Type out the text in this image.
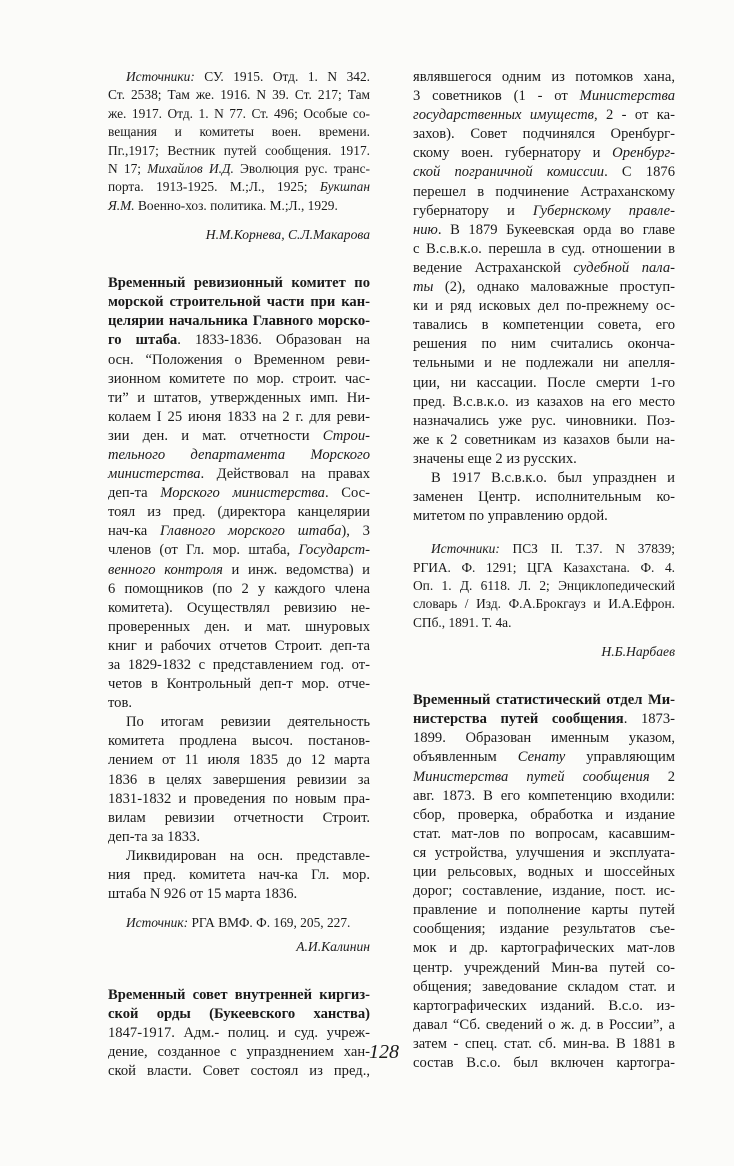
Источники: СУ. 1915. Отд. 1. N 342.
Ст. 2538; Там же. 1916. N 39. Ст. 217; Там
же. 1917. Отд. 1. N 77. Ст. 496; Особые со-
вещания и комитеты воен. времени.
Пг.,1917; Вестник путей сообщения. 1917.
N 17; Михайлов И.Д. Эволюция рус. транс-
порта. 1913-1925. М.;Л., 1925; Букшпан
Я.М. Военно-хоз. политика. М.;Л., 1929.
Н.М.Корнева, С.Л.Макарова
Временный ревизионный комитет по
морской строительной части при кан-
целярии начальника Главного морско-
го штаба. 1833-1836. Образован на
осн. “Положения о Временном реви-
зионном комитете по мор. строит. час-
ти” и штатов, утвержденных имп. Ни-
колаем I 25 июня 1833 на 2 г. для реви-
зии ден. и мат. отчетности Строи-
тельного департамента Морского
министерства. Действовал на правах
деп-та Морского министерства. Сос-
тоял из пред. (директора канцелярии
нач-ка Главного морского штаба), 3
членов (от Гл. мор. штаба, Государст-
венного контроля и инж. ведомства) и
6 помощников (по 2 у каждого члена
комитета). Осуществлял ревизию не-
проверенных ден. и мат. шнуровых
книг и рабочих отчетов Строит. деп-та
за 1829-1832 с представлением год. от-
четов в Контрольный деп-т мор. отче-
тов.
По итогам ревизии деятельность
комитета продлена высоч. постанов-
лением от 11 июля 1835 до 12 марта
1836 в целях завершения ревизии за
1831-1832 и проведения по новым пра-
вилам ревизии отчетности Строит.
деп-та за 1833.
Ликвидирован на осн. представле-
ния пред. комитета нач-ка Гл. мор.
штаба N 926 от 15 марта 1836.
Источник: РГА ВМФ. Ф. 169, 205, 227.
А.И.Калинин
Временный совет внутренней киргиз-
ской орды (Букеевского ханства)
1847-1917. Адм.- полиц. и суд. учреж-
дение, созданное с упразднением хан-
ской власти. Совет состоял из пред.,
являвшегося одним из потомков хана,
3 советников (1 - от Министерства
государственных имуществ, 2 - от ка-
захов). Совет подчинялся Оренбург-
скому воен. губернатору и Оренбург-
ской пограничной комиссии. С 1876
перешел в подчинение Астраханскому
губернатору и Губернскому правле-
нию. В 1879 Букеевская орда во главе
с В.с.в.к.о. перешла в суд. отношении в
ведение Астраханской судебной пала-
ты (2), однако маловажные проступ-
ки и ряд исковых дел по-прежнему ос-
тавались в компетенции совета, его
решения по ним считались оконча-
тельными и не подлежали ни апелля-
ции, ни кассации. После смерти 1-го
пред. В.с.в.к.о. из казахов на его место
назначались уже рус. чиновники. Поз-
же к 2 советникам из казахов были на-
значены еще 2 из русских.
В 1917 В.с.в.к.о. был упразднен и
заменен Центр. исполнительным ко-
митетом по управлению ордой.
Источники: ПСЗ II. Т.37. N 37839;
РГИА. Ф. 1291; ЦГА Казахстана. Ф. 4.
Оп. 1. Д. 6118. Л. 2; Энциклопедический
словарь / Изд. Ф.А.Брокгауз и И.А.Ефрон.
СПб., 1891. Т. 4а.
Н.Б.Нарбаев
Временный статистический отдел Ми-
нистерства путей сообщения. 1873-
1899. Образован именным указом,
объявленным Сенату управляющим
Министерства путей сообщения 2
авг. 1873. В его компетенцию входили:
сбор, проверка, обработка и издание
стат. мат-лов по вопросам, касавшим-
ся устройства, улучшения и эксплуата-
ции рельсовых, водных и шоссейных
дорог; составление, издание, пост. ис-
правление и пополнение карты путей
сообщения; издание результатов съе-
мок и др. картографических мат-лов
центр. учреждений Мин-ва путей со-
общения; заведование складом стат. и
картографических изданий. В.с.о. из-
давал “Сб. сведений о ж. д. в России”, а
затем - спец. стат. сб. мин-ва. В 1881 в
состав В.с.о. был включен картогра-
128
